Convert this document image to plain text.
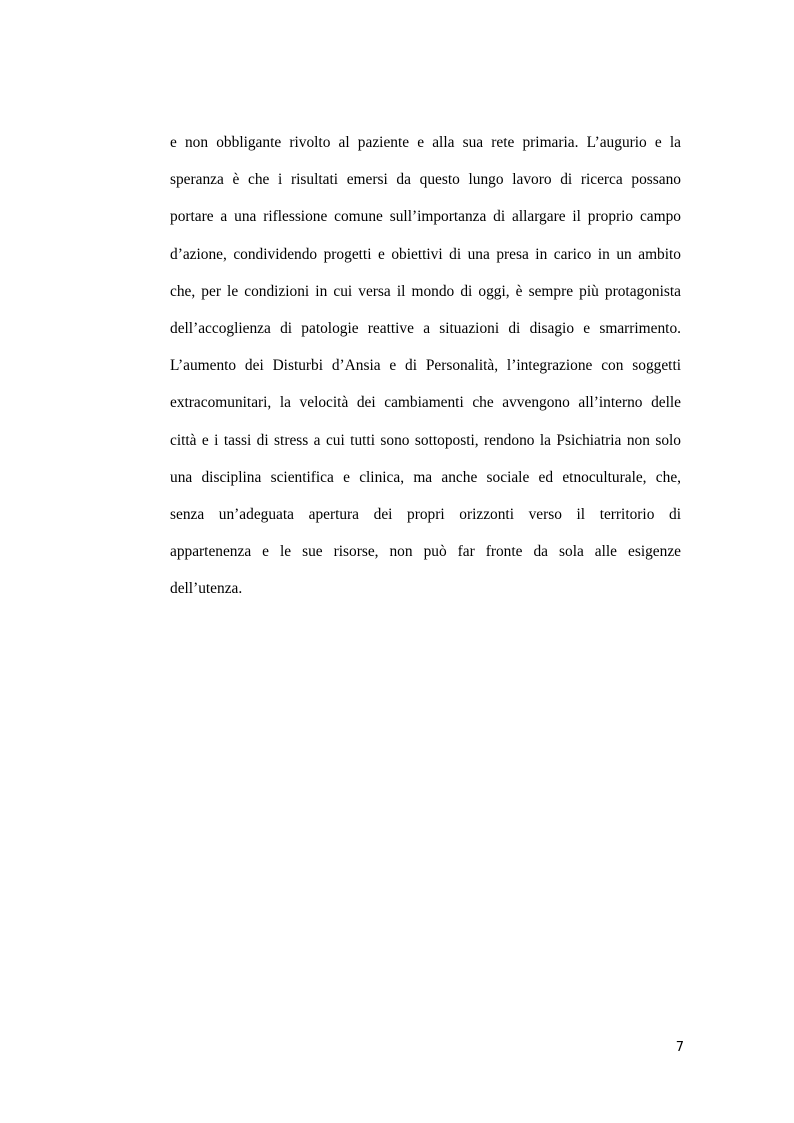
e non obbligante rivolto al paziente e alla sua rete primaria. L’augurio e la
speranza è che i risultati emersi da questo lungo lavoro di ricerca possano
portare a una riflessione comune sull’importanza di allargare il proprio campo
d’azione, condividendo progetti e obiettivi di una presa in carico in un ambito
che, per le condizioni in cui versa il mondo di oggi, è sempre più protagonista
dell’accoglienza di patologie reattive a situazioni di disagio e smarrimento.
L’aumento dei Disturbi d’Ansia e di Personalità, l’integrazione con soggetti
extracomunitari, la velocità dei cambiamenti che avvengono all’interno delle
città e i tassi di stress a cui tutti sono sottoposti, rendono la Psichiatria non solo
una disciplina scientifica e clinica, ma anche sociale ed etnoculturale, che,
senza un’adeguata apertura dei propri orizzonti verso il territorio di
appartenenza e le sue risorse, non può far fronte da sola alle esigenze
dell’utenza.
7
